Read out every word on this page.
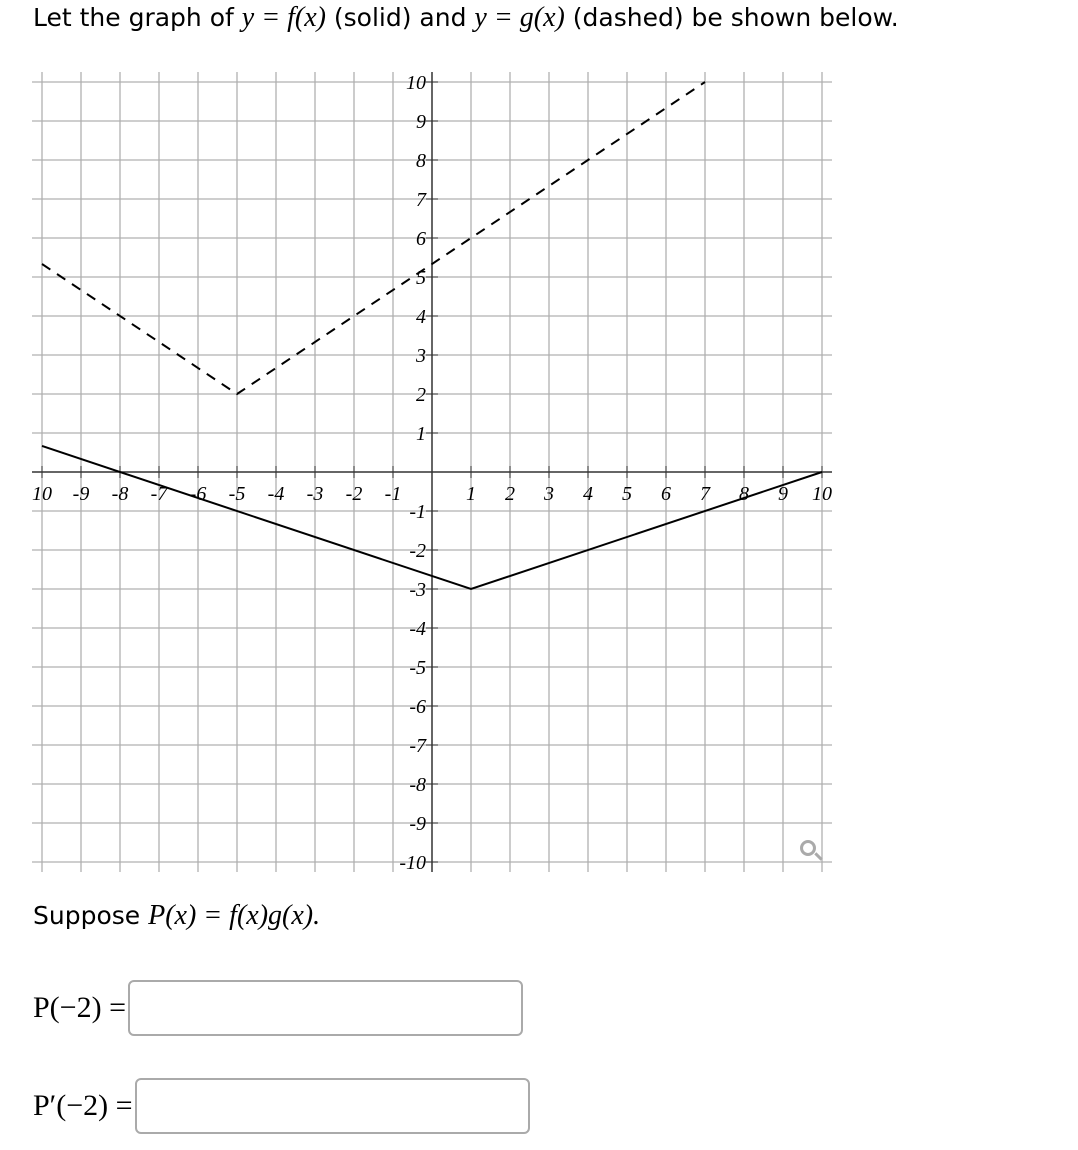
Let the graph of y = f(x) (solid) and y = g(x) (dashed) be shown below.
10 -9 -8 -7 -6 -5 -4 -3 -2 -1	1 2 3 4 5 6 7 8 9 10
10
9
8
7
6
5
4
3
2
1
-1
-2
-3
-4
-5
-6
-7
-8
-9
-10
Suppose P(x) = f(x)g(x).
P(−2) =
P′(−2) =
